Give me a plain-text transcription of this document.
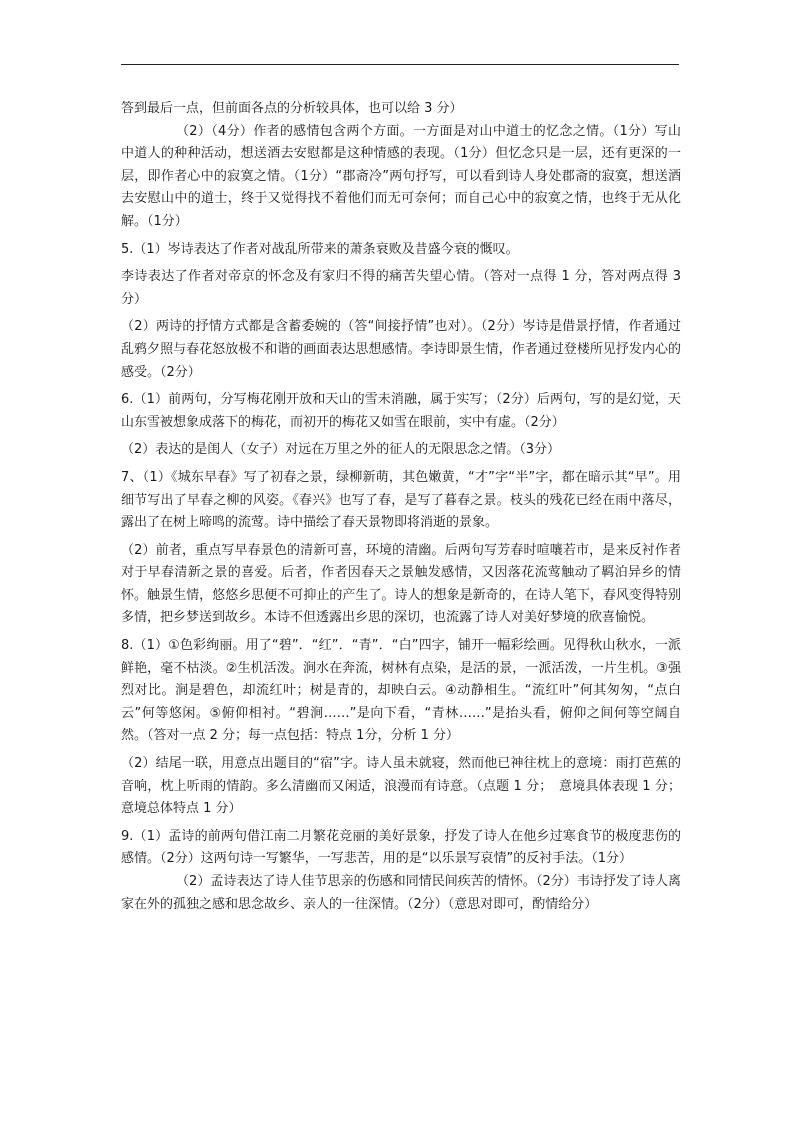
答到最后一点，但前面各点的分析较具体，也可以给 3 分）

（2）（4分）作者的感情包含两个方面。一方面是对山中道士的忆念之情。（1分）写山中道人的种种活动，想送酒去安慰都是这种情感的表现。（1分）但忆念只是一层，还有更深的一层，即作者心中的寂寞之情。（1分）“郡斋冷”两句抒写，可以看到诗人身处郡斋的寂寞，想送酒去安慰山中的道士，终于又觉得找不着他们而无可奈何；而自己心中的寂寞之情，也终于无从化解。（1分）

5.（1）岑诗表达了作者对战乱所带来的萧条衰败及昔盛今衰的慨叹。

李诗表达了作者对帝京的怀念及有家归不得的痛苦失望心情。（答对一点得 1 分，答对两点得 3 分）

（2）两诗的抒情方式都是含蓄委婉的（答“间接抒情”也对）。（2分）岑诗是借景抒情，作者通过乱鸦夕照与春花怒放极不和谐的画面表达思想感情。李诗即景生情，作者通过登楼所见抒发内心的感受。（2分）

6.（1）前两句，分写梅花刚开放和天山的雪未消融，属于实写；（2分）后两句，写的是幻觉，天山东雪被想象成落下的梅花，而初开的梅花又如雪在眼前，实中有虚。（2分）

（2）表达的是闺人（女子）对远在万里之外的征人的无限思念之情。（3分）

7、（1）《城东早春》写了初春之景，绿柳新萌，其色嫩黄，“才”字“半”字，都在暗示其“早”。用细节写出了早春之柳的风姿。《春兴》也写了春，是写了暮春之景。枝头的残花已经在雨中落尽，露出了在树上啼鸣的流莺。诗中描绘了春天景物即将消逝的景象。

（2）前者，重点写早春景色的清新可喜，环境的清幽。后两句写芳春时喧嚷若市，是来反衬作者对于早春清新之景的喜爱。后者，作者因春天之景触发感情，又因落花流莺触动了羁泊异乡的情怀。触景生情，悠悠乡思便不可抑止的产生了。诗人的想象是新奇的，在诗人笔下，春风变得特别多情，把乡梦送到故乡。本诗不但透露出乡思的深切，也流露了诗人对美好梦境的欣喜愉悦。

8.（1）①色彩绚丽。用了“碧”．“红”．“青”．“白”四字，铺开一幅彩绘画。见得秋山秋水，一派鲜艳，毫不枯淡。②生机活泼。涧水在奔流，树林有点染，是活的景，一派活泼，一片生机。③强烈对比。涧是碧色，却流红叶；树是青的，却映白云。④动静相生。“流红叶”何其匆匆，“点白云”何等悠闲。⑤俯仰相衬。“碧涧……”是向下看，“青林……”是抬头看，俯仰之间何等空阔自然。（答对一点 2 分；每一点包括：特点 1分，分析 1 分）

（2）结尾一联，用意点出题目的“宿”字。诗人虽未就寝，然而他已神往枕上的意境：雨打芭蕉的音响，枕上听雨的情韵。多么清幽而又闲适，浪漫而有诗意。（点题 1 分；　意境具体表现 1 分；意境总体特点 1 分）

9.（1）孟诗的前两句借江南二月繁花竞丽的美好景象，抒发了诗人在他乡过寒食节的极度悲伤的感情。（2分）这两句诗一写繁华，一写悲苦，用的是“以乐景写哀情”的反衬手法。（1分）

（2）孟诗表达了诗人佳节思亲的伤感和同情民间疾苦的情怀。（2分）韦诗抒发了诗人离家在外的孤独之感和思念故乡、亲人的一往深情。（2分）（意思对即可，酌情给分）
